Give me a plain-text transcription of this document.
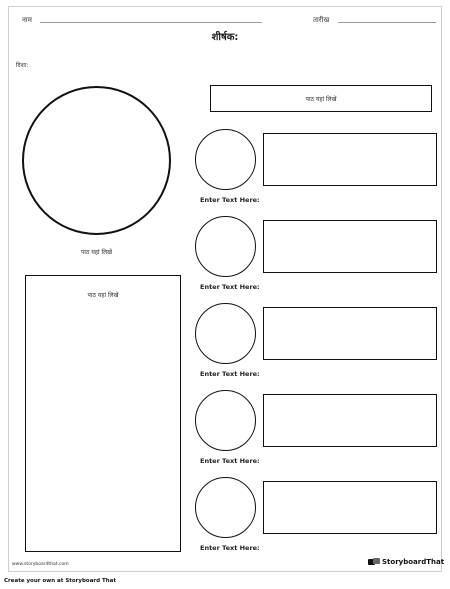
नाम	तारीख
शीर्षक:
दिशा:
पाठ यहां लिखें
पाठ यहां लिखें
पाठ यहां लिखें
Enter Text Here:
Enter Text Here:
Enter Text Here:
Enter Text Here:
Enter Text Here:
www.storyboardthat.com	StoryboardThat
Create your own at Storyboard That
